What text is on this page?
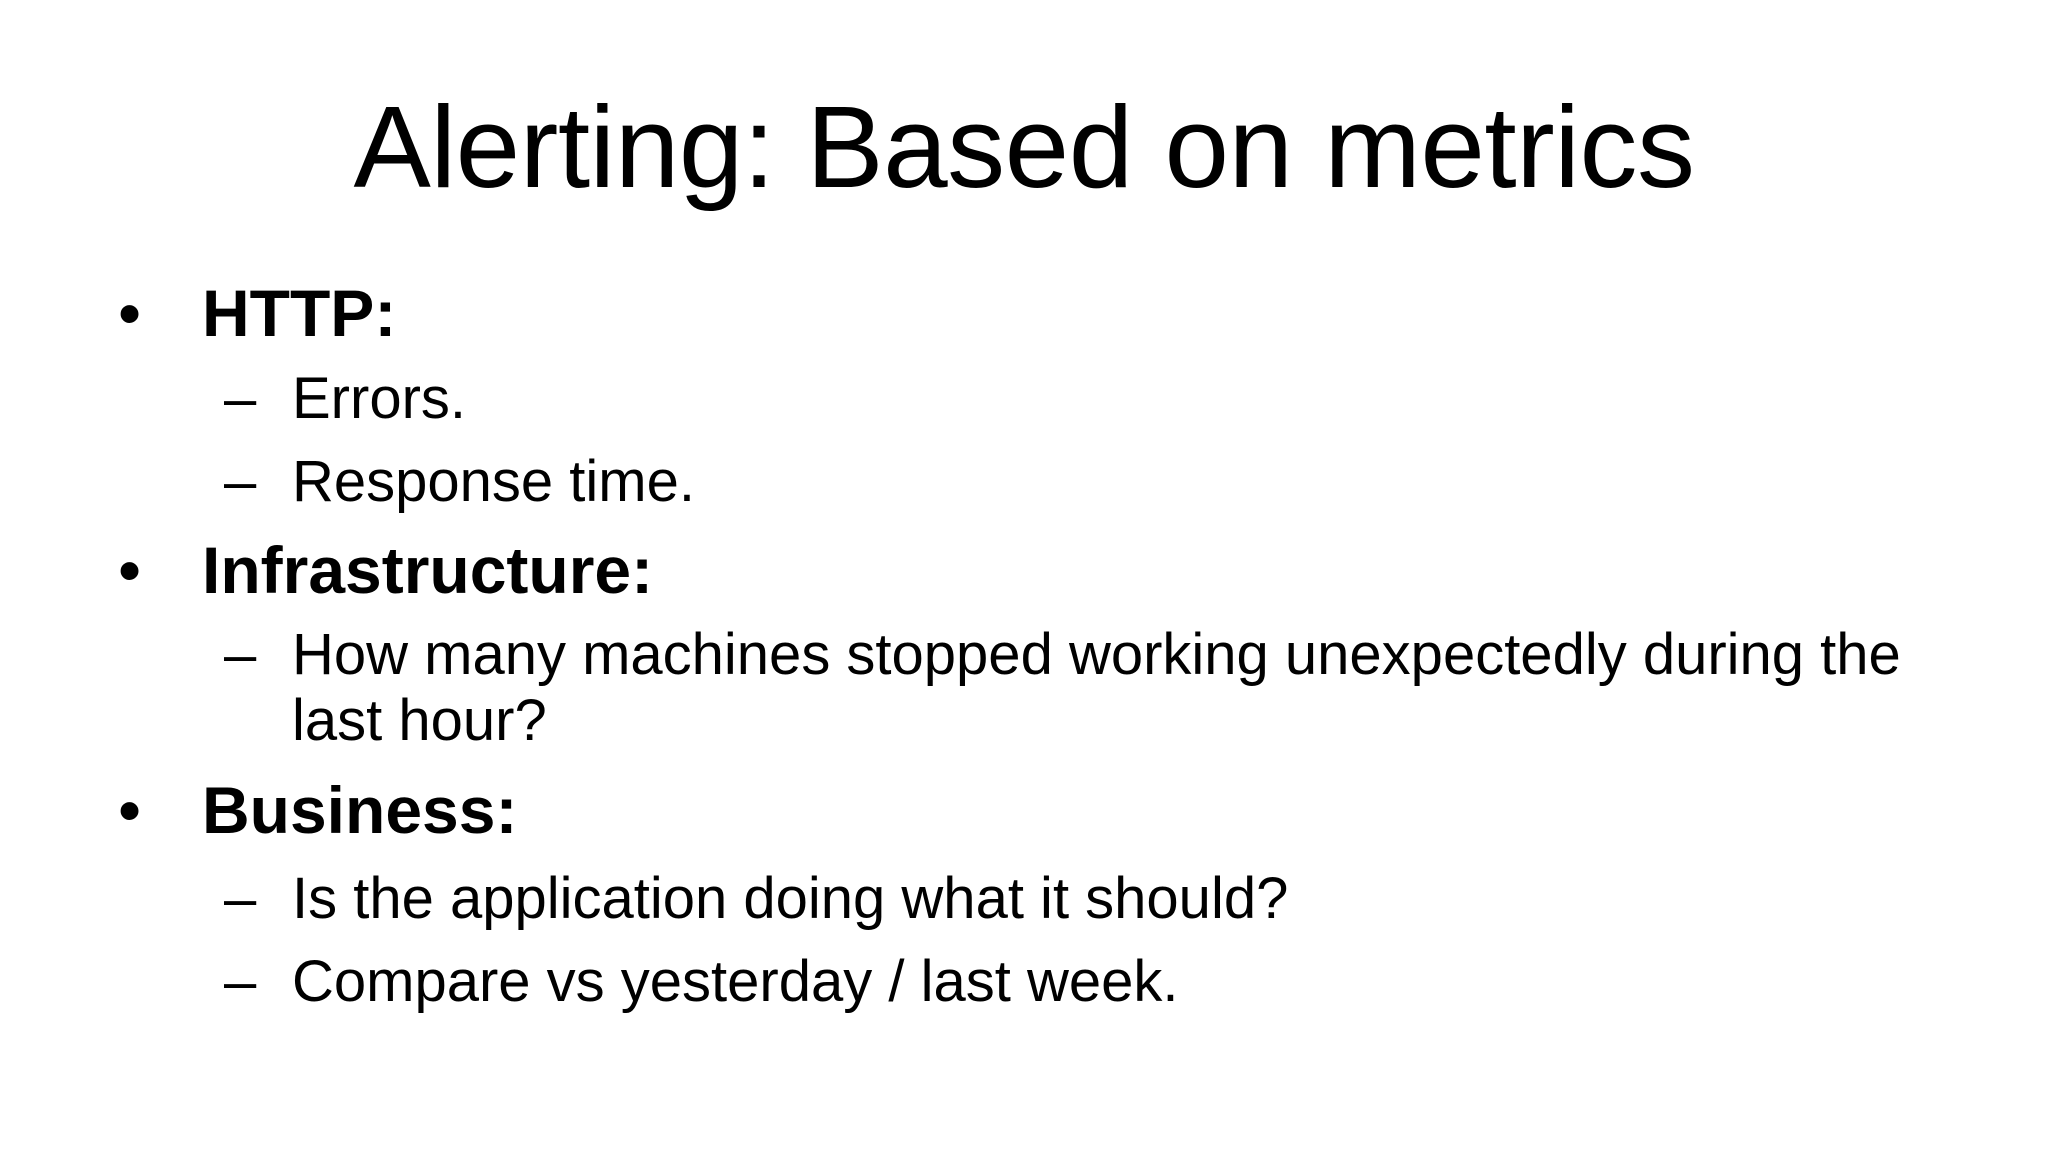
Alerting: Based on metrics
• HTTP:
– Errors.
– Response time.
• Infrastructure:
– How many machines stopped working unexpectedly during the last hour?
• Business:
– Is the application doing what it should?
– Compare vs yesterday / last week.
